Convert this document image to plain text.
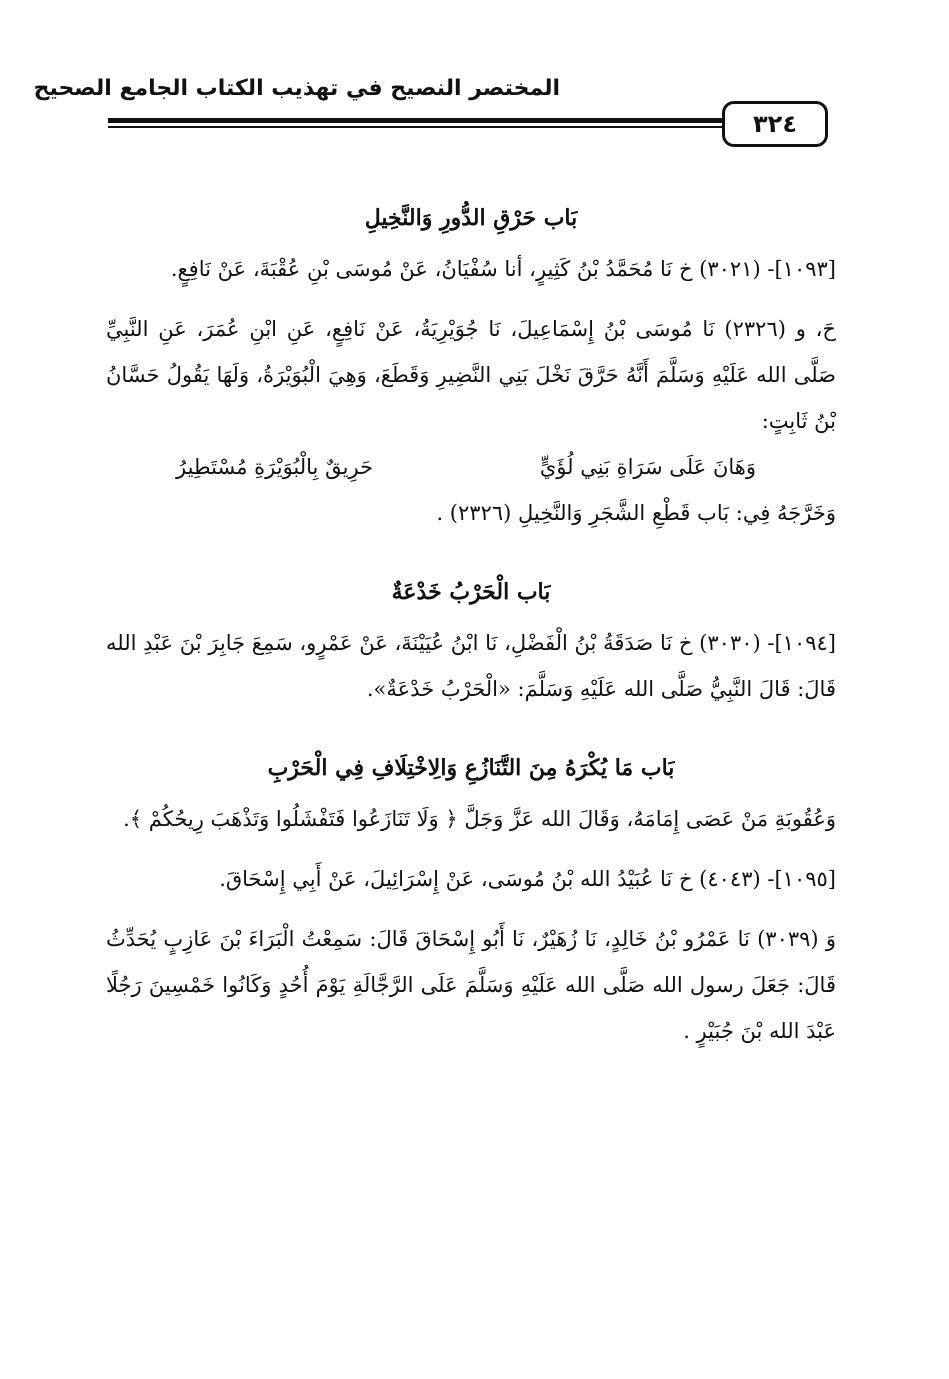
المختصر النصيح في تهذيب الكتاب الجامع الصحيح
٣٢٤
بَاب حَرْقِ الدُّورِ وَالنَّخِيلِ

[١٠٩٣]- (٣٠٢١) خ نَا مُحَمَّدُ بْنُ كَثِيرٍ، أنا سُفْيَانُ، عَنْ مُوسَى بْنِ عُقْبَةَ، عَنْ نَافِعٍ.

حَ، و (٢٣٢٦) نَا مُوسَى بْنُ إِسْمَاعِيلَ، نَا جُوَيْرِيَةُ، عَنْ نَافِعٍ، عَنِ ابْنِ عُمَرَ، عَنِ النَّبِيِّ صَلَّى الله عَلَيْهِ وَسَلَّمَ أَنَّهُ حَرَّقَ نَخْلَ بَنِي النَّضِيرِ وَقَطَعَ، وَهِيَ الْبُوَيْرَةُ، وَلَهَا يَقُولُ حَسَّانُ بْنُ ثَابِتٍ:

وَهَانَ عَلَى سَرَاةِ بَنِي لُؤَيٍّ
حَرِيقٌ بِالْبُوَيْرَةِ مُسْتَطِيرُ

وَخَرَّجَهُ فِي: بَاب قَطْعِ الشَّجَرِ وَالنَّخِيلِ (٢٣٢٦) .

بَاب الْحَرْبُ خَدْعَةٌ

[١٠٩٤]- (٣٠٣٠) خ نَا صَدَقَةُ بْنُ الْفَضْلِ، نَا ابْنُ عُيَيْنَةَ، عَنْ عَمْرٍو، سَمِعَ جَابِرَ بْنَ عَبْدِ الله قَالَ: قَالَ النَّبِيُّ صَلَّى الله عَلَيْهِ وَسَلَّمَ: «الْحَرْبُ خَدْعَةٌ».

بَاب مَا يُكْرَهُ مِنَ التَّنَازُعِ وَالِاخْتِلَافِ فِي الْحَرْبِ

وَعُقُوبَةِ مَنْ عَصَى إِمَامَهُ، وَقَالَ الله عَزَّ وَجَلَّ ﴿ وَلَا تَنَازَعُوا فَتَفْشَلُوا وَتَذْهَبَ رِيحُكُمْ ﴾.

[١٠٩٥]- (٤٠٤٣) خ نَا عُبَيْدُ الله بْنُ مُوسَى، عَنْ إِسْرَائِيلَ، عَنْ أَبِي إِسْحَاقَ.

وَ (٣٠٣٩) نَا عَمْرُو بْنُ خَالِدٍ، نَا زُهَيْرٌ، نَا أَبُو إِسْحَاقَ قَالَ: سَمِعْتُ الْبَرَاءَ بْنَ عَازِبٍ يُحَدِّثُ قَالَ: جَعَلَ رسول الله صَلَّى الله عَلَيْهِ وَسَلَّمَ عَلَى الرَّجَّالَةِ يَوْمَ أُحُدٍ وَكَانُوا خَمْسِينَ رَجُلًا عَبْدَ الله بْنَ جُبَيْرٍ .
